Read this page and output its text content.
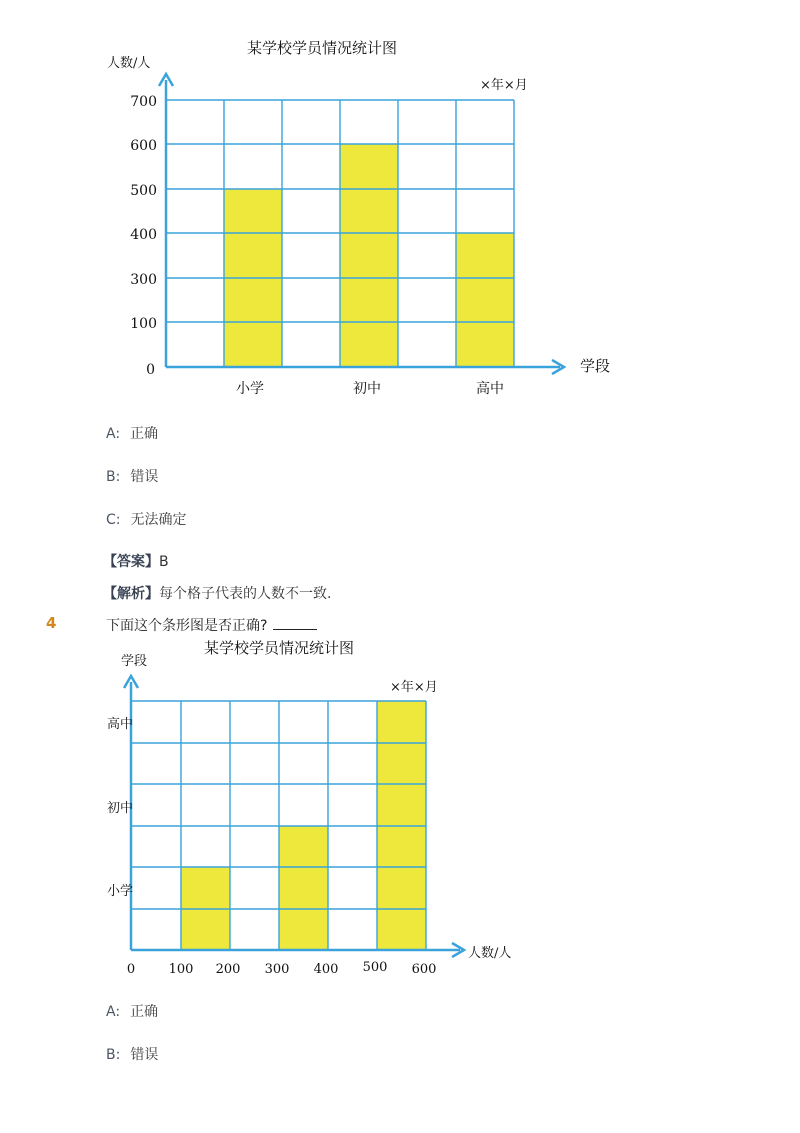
某学校学员情况统计图
人数/人
×年×月
学段
700
600
500
400
300
100
0
小学	初中	高中
A: 正确
B: 错误
C: 无法确定
【答案】B
【解析】每个格子代表的人数不一致.
4	下面这个条形图是否正确?
某学校学员情况统计图
学段
×年×月
人数/人
高中
初中
小学
0	100 200 300 400 500 600
A: 正确
B: 错误
